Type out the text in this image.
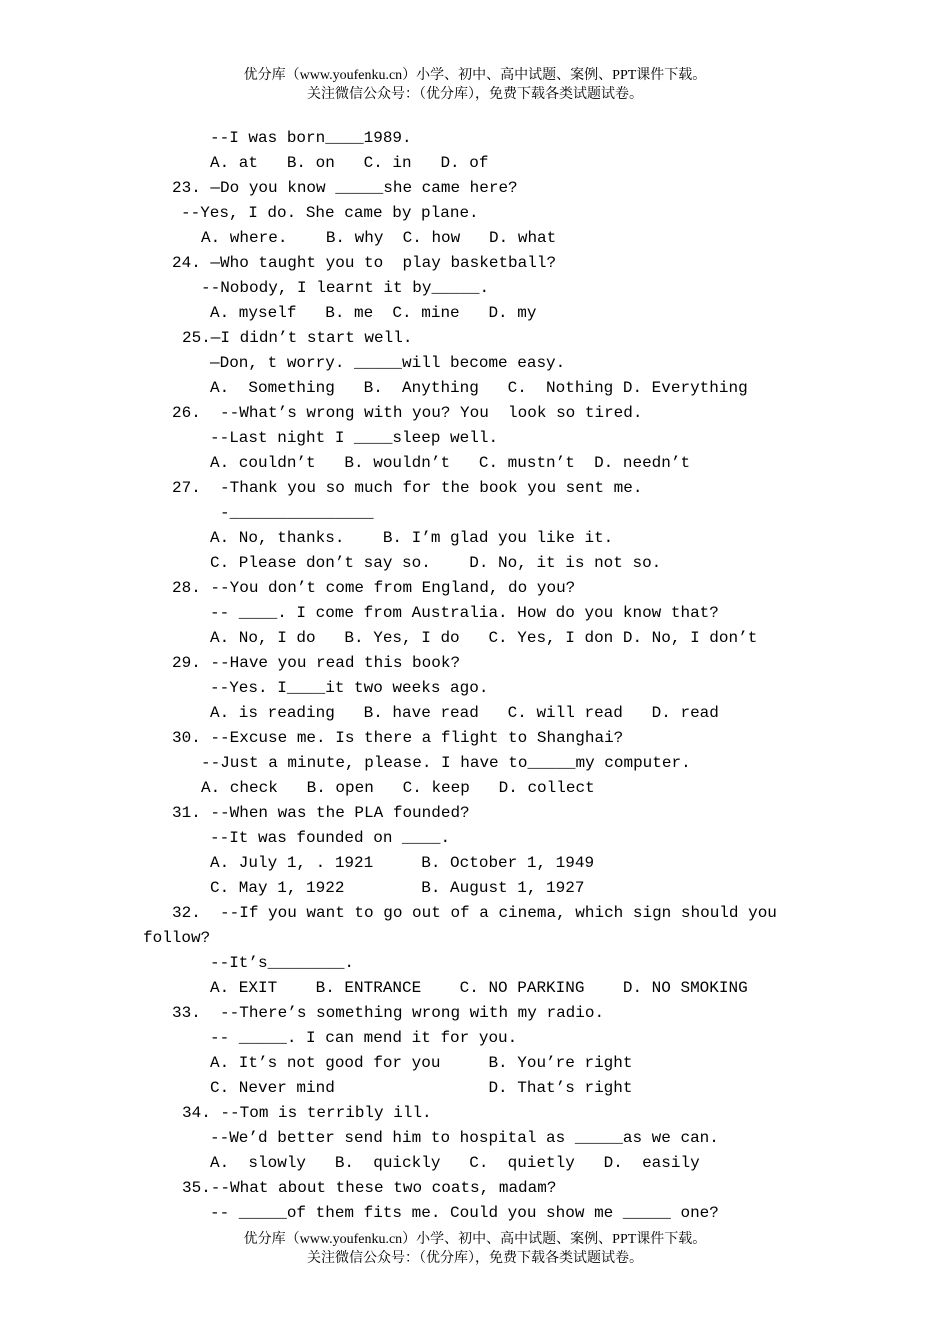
优分库（www.youfenku.cn）小学、初中、高中试题、案例、PPT课件下载。
关注微信公众号：（优分库），免费下载各类试题试卷。
--I was born____1989.
A. at   B. on   C. in   D. of
23. —Do you know _____she came here?
--Yes, I do. She came by plane.
A. where.    B. why  C. how   D. what
24. —Who taught you to  play basketball?
--Nobody, I learnt it by_____.
A. myself   B. me  C. mine   D. my
25.—I didn’t start well.
—Don, t worry. _____will become easy.
A.  Something   B.  Anything   C.  Nothing D. Everything
26.  --What’s wrong with you? You  look so tired.
--Last night I ____sleep well.
A. couldn’t   B. wouldn’t   C. mustn’t  D. needn’t
27.  -Thank you so much for the book you sent me.
-_______________
A. No, thanks.    B. I’m glad you like it.
C. Please don’t say so.    D. No, it is not so.
28. --You don’t come from England, do you?
-- ____. I come from Australia. How do you know that?
A. No, I do   B. Yes, I do   C. Yes, I don D. No, I don’t
29. --Have you read this book?
--Yes. I____it two weeks ago.
A. is reading   B. have read   C. will read   D. read
30. --Excuse me. Is there a flight to Shanghai?
--Just a minute, please. I have to_____my computer.
A. check   B. open   C. keep   D. collect
31. --When was the PLA founded?
--It was founded on ____.
A. July 1, . 1921     B. October 1, 1949
C. May 1, 1922        B. August 1, 1927
32.  --If you want to go out of a cinema, which sign should you
follow?
--It’s________.
A. EXIT    B. ENTRANCE    C. NO PARKING    D. NO SMOKING
33.  --There’s something wrong with my radio.
-- _____. I can mend it for you.
A. It’s not good for you     B. You’re right
C. Never mind                D. That’s right
34. --Tom is terribly ill.
--We’d better send him to hospital as _____as we can.
A.  slowly   B.  quickly   C.  quietly   D.  easily
35.--What about these two coats, madam?
-- _____of them fits me. Could you show me _____ one?
优分库（www.youfenku.cn）小学、初中、高中试题、案例、PPT课件下载。
关注微信公众号：（优分库），免费下载各类试题试卷。
